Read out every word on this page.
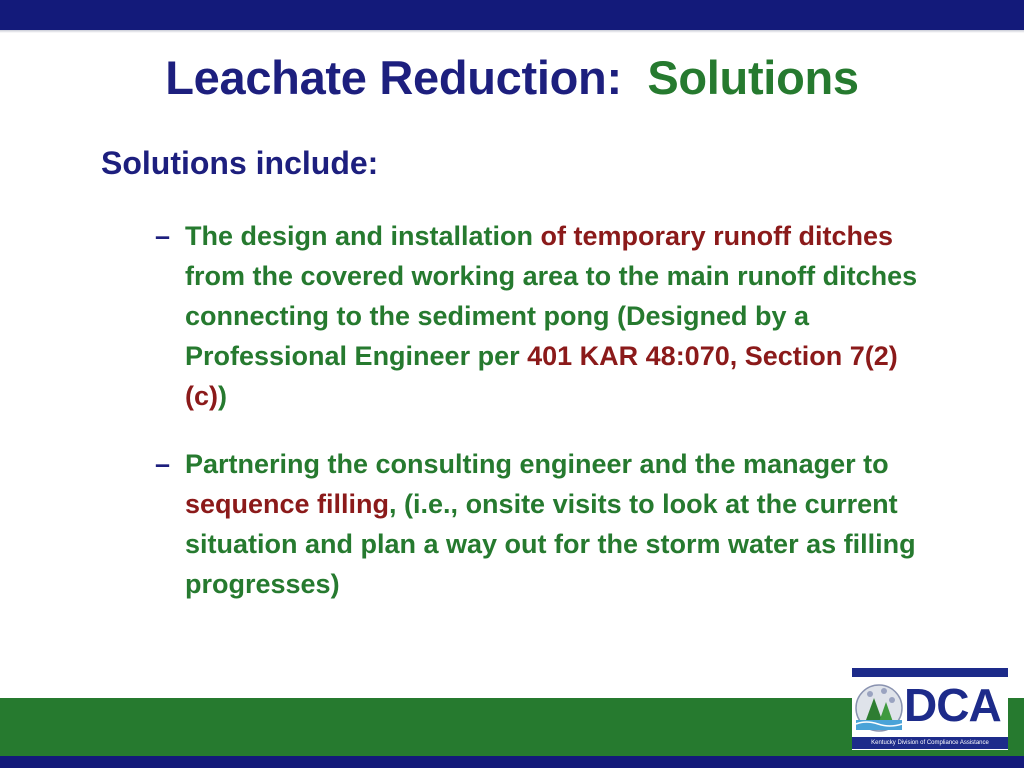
Leachate Reduction: Solutions
Solutions include:
– The design and installation of temporary runoff ditches from the covered working area to the main runoff ditches connecting to the sediment pong (Designed by a Professional Engineer per 401 KAR 48:070, Section 7(2)(c))
– Partnering the consulting engineer and the manager to sequence filling, (i.e., onsite visits to look at the current situation and plan a way out for the storm water as filling progresses)
DCA
Kentucky Division of Compliance Assistance
